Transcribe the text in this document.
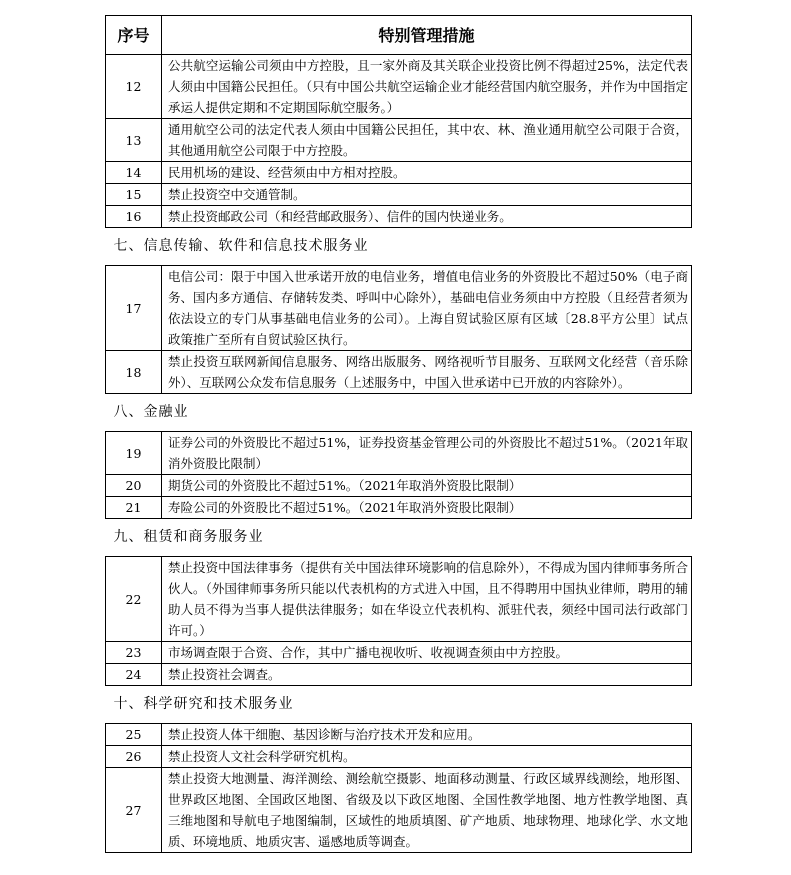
序号	特别管理措施
12	公共航空运输公司须由中方控股，且一家外商及其关联企业投资比例不得超过25%，法定代表人须由中国籍公民担任。（只有中国公共航空运输企业才能经营国内航空服务，并作为中国指定承运人提供定期和不定期国际航空服务。）
13	通用航空公司的法定代表人须由中国籍公民担任，其中农、林、渔业通用航空公司限于合资，其他通用航空公司限于中方控股。
14	民用机场的建设、经营须由中方相对控股。
15	禁止投资空中交通管制。
16	禁止投资邮政公司（和经营邮政服务）、信件的国内快递业务。
七、信息传输、软件和信息技术服务业	
17	电信公司：限于中国入世承诺开放的电信业务，增值电信业务的外资股比不超过50%（电子商务、国内多方通信、存储转发类、呼叫中心除外），基础电信业务须由中方控股（且经营者须为依法设立的专门从事基础电信业务的公司）。上海自贸试验区原有区域〔28.8平方公里〕试点政策推广至所有自贸试验区执行。
18	禁止投资互联网新闻信息服务、网络出版服务、网络视听节目服务、互联网文化经营（音乐除外）、互联网公众发布信息服务（上述服务中，中国入世承诺中已开放的内容除外）。
八、金融业	
19	证券公司的外资股比不超过51%，证券投资基金管理公司的外资股比不超过51%。（2021年取消外资股比限制）
20	期货公司的外资股比不超过51%。（2021年取消外资股比限制）
21	寿险公司的外资股比不超过51%。（2021年取消外资股比限制）
九、租赁和商务服务业	
22	禁止投资中国法律事务（提供有关中国法律环境影响的信息除外），不得成为国内律师事务所合伙人。（外国律师事务所只能以代表机构的方式进入中国，且不得聘用中国执业律师，聘用的辅助人员不得为当事人提供法律服务；如在华设立代表机构、派驻代表，须经中国司法行政部门许可。）
23	市场调查限于合资、合作，其中广播电视收听、收视调查须由中方控股。
24	禁止投资社会调查。
十、科学研究和技术服务业	
25	禁止投资人体干细胞、基因诊断与治疗技术开发和应用。
26	禁止投资人文社会科学研究机构。
27	禁止投资大地测量、海洋测绘、测绘航空摄影、地面移动测量、行政区域界线测绘，地形图、世界政区地图、全国政区地图、省级及以下政区地图、全国性教学地图、地方性教学地图、真三维地图和导航电子地图编制，区域性的地质填图、矿产地质、地球物理、地球化学、水文地质、环境地质、地质灾害、遥感地质等调查。
